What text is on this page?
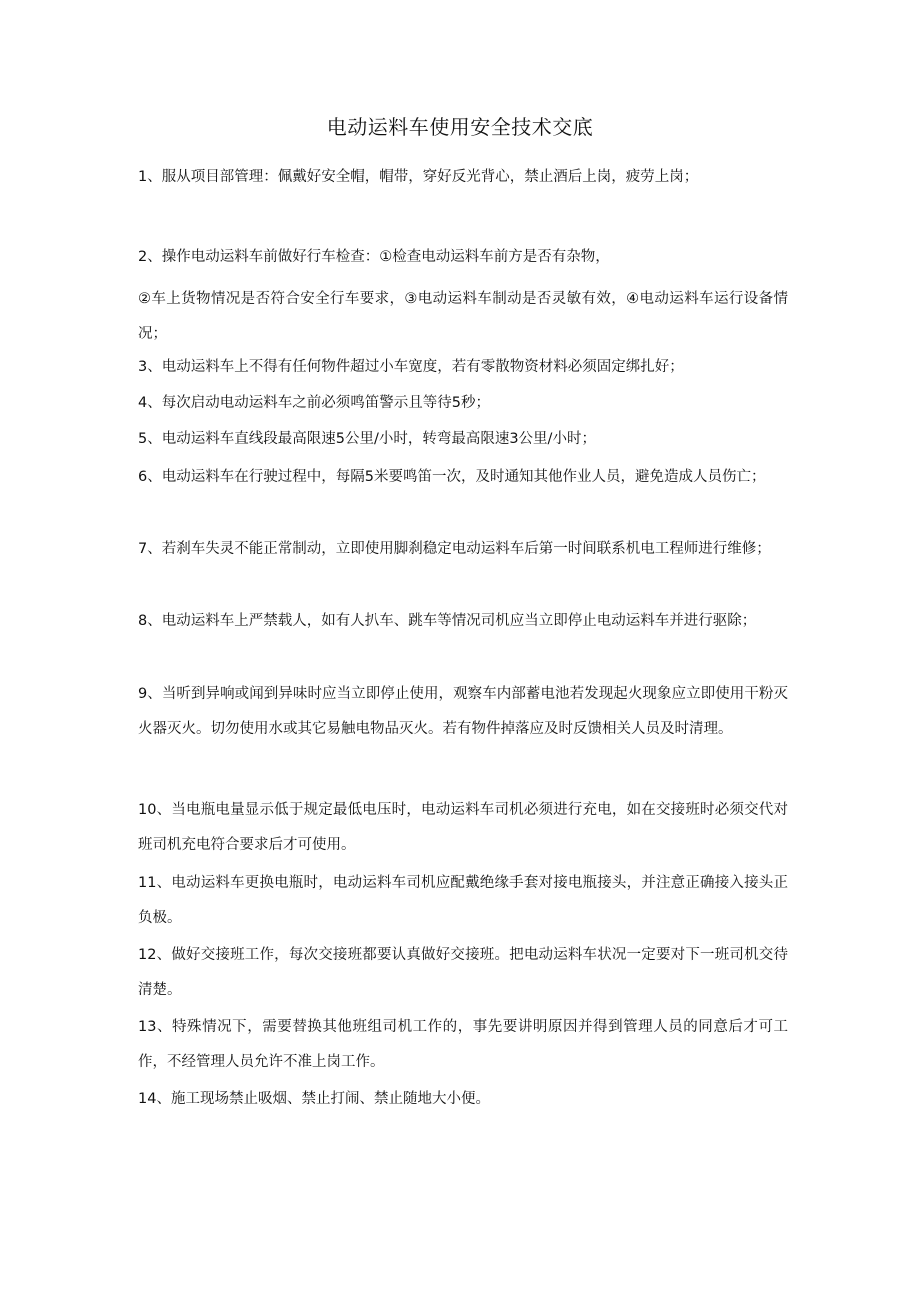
电动运料车使用安全技术交底

1、服从项目部管理：佩戴好安全帽，帽带，穿好反光背心，禁止酒后上岗，疲劳上岗；

2、操作电动运料车前做好行车检查：①检查电动运料车前方是否有杂物，

②车上货物情况是否符合安全行车要求，③电动运料车制动是否灵敏有效，④电动运料车运行设备情况；

3、电动运料车上不得有任何物件超过小车宽度，若有零散物资材料必须固定绑扎好；

4、每次启动电动运料车之前必须鸣笛警示且等待5秒；

5、电动运料车直线段最高限速5公里/小时，转弯最高限速3公里/小时；

6、电动运料车在行驶过程中，每隔5米要鸣笛一次，及时通知其他作业人员，避免造成人员伤亡；

7、若刹车失灵不能正常制动，立即使用脚刹稳定电动运料车后第一时间联系机电工程师进行维修；

8、电动运料车上严禁载人，如有人扒车、跳车等情况司机应当立即停止电动运料车并进行驱除；

9、当听到异响或闻到异味时应当立即停止使用，观察车内部蓄电池若发现起火现象应立即使用干粉灭火器灭火。切勿使用水或其它易触电物品灭火。若有物件掉落应及时反馈相关人员及时清理。

10、当电瓶电量显示低于规定最低电压时，电动运料车司机必须进行充电，如在交接班时必须交代对班司机充电符合要求后才可使用。

11、电动运料车更换电瓶时，电动运料车司机应配戴绝缘手套对接电瓶接头，并注意正确接入接头正负极。

12、做好交接班工作，每次交接班都要认真做好交接班。把电动运料车状况一定要对下一班司机交待清楚。

13、特殊情况下，需要替换其他班组司机工作的，事先要讲明原因并得到管理人员的同意后才可工作，不经管理人员允许不准上岗工作。

14、施工现场禁止吸烟、禁止打闹、禁止随地大小便。
